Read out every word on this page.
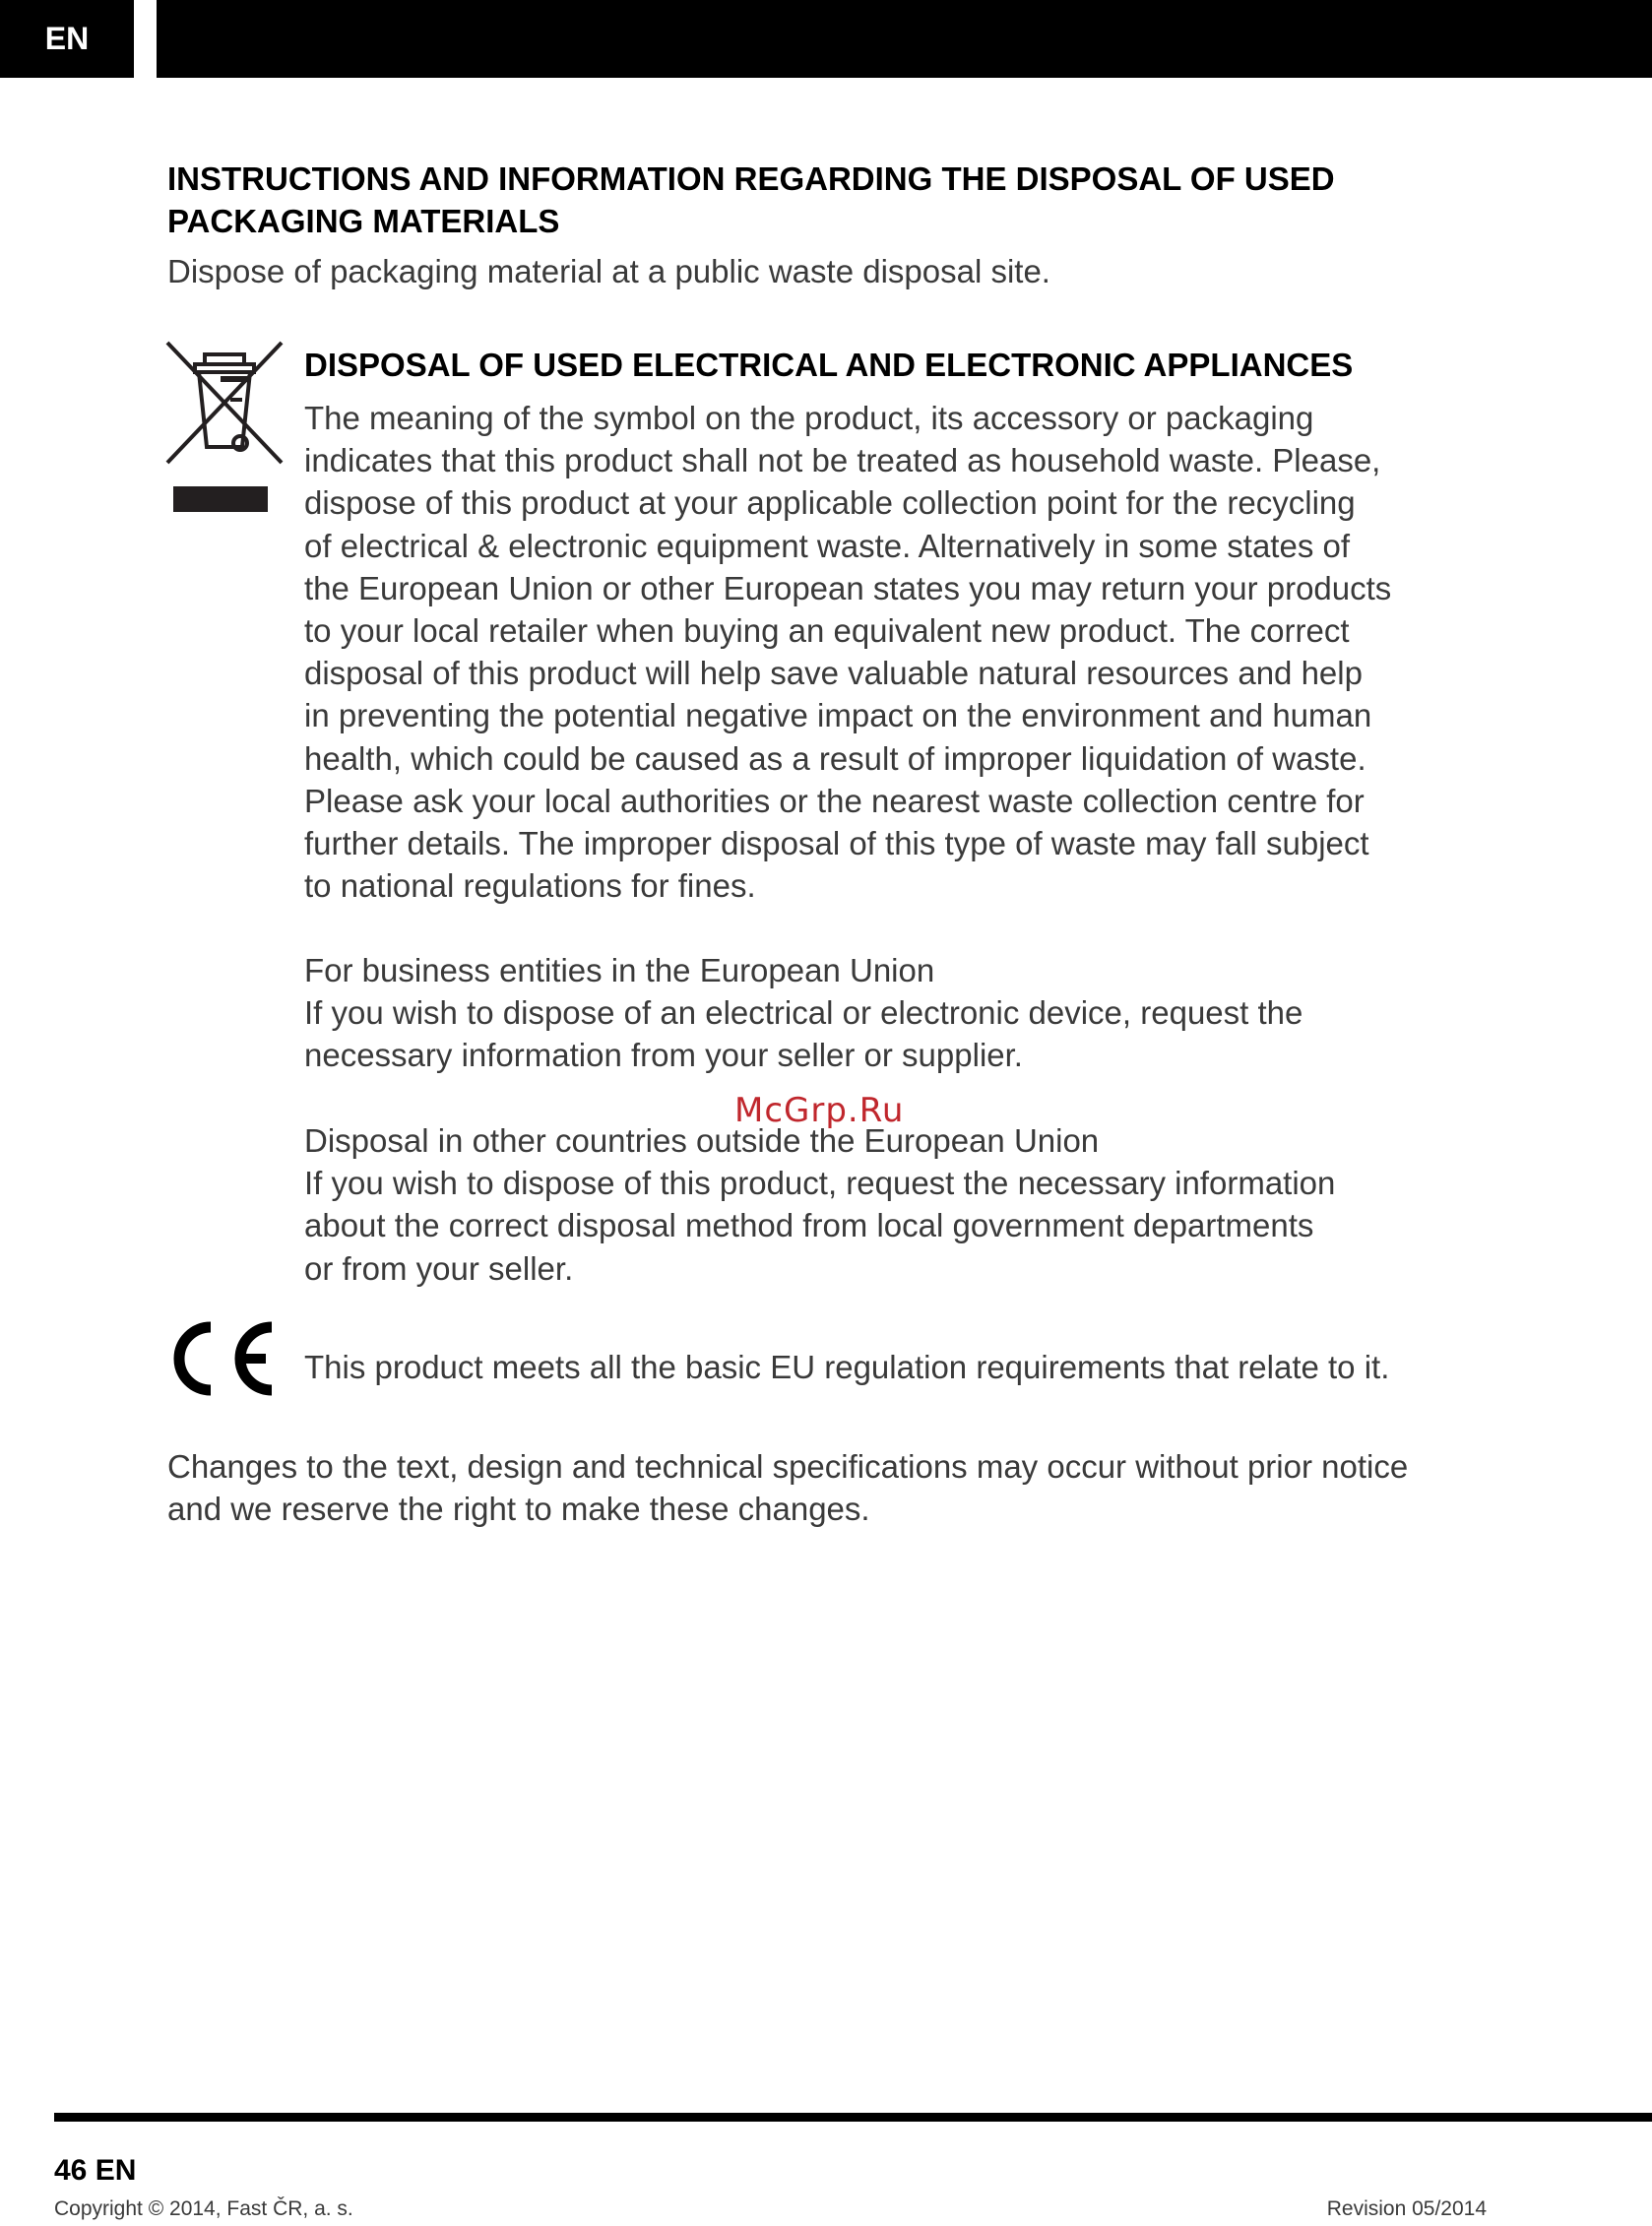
EN
INSTRUCTIONS AND INFORMATION REGARDING THE DISPOSAL OF USED PACKAGING MATERIALS
Dispose of packaging material at a public waste disposal site.
DISPOSAL OF USED ELECTRICAL AND ELECTRONIC APPLIANCES
The meaning of the symbol on the product, its accessory or packaging
indicates that this product shall not be treated as household waste. Please,
dispose of this product at your applicable collection point for the recycling
of electrical & electronic equipment waste. Alternatively in some states of
the European Union or other European states you may return your products
to your local retailer when buying an equivalent new product. The correct
disposal of this product will help save valuable natural resources and help
in preventing the potential negative impact on the environment and human
health, which could be caused as a result of improper liquidation of waste.
Please ask your local authorities or the nearest waste collection centre for
further details. The improper disposal of this type of waste may fall subject
to national regulations for fines.
For business entities in the European Union
If you wish to dispose of an electrical or electronic device, request the
necessary information from your seller or supplier.
Disposal in other countries outside the European Union
If you wish to dispose of this product, request the necessary information
about the correct disposal method from local government departments
or from your seller.
McGrp.Ru
This product meets all the basic EU regulation requirements that relate to it.
Changes to the text, design and technical specifications may occur without prior notice
and we reserve the right to make these changes.
46 EN
Copyright © 2014, Fast ČR, a. s.	Revision 05/2014
